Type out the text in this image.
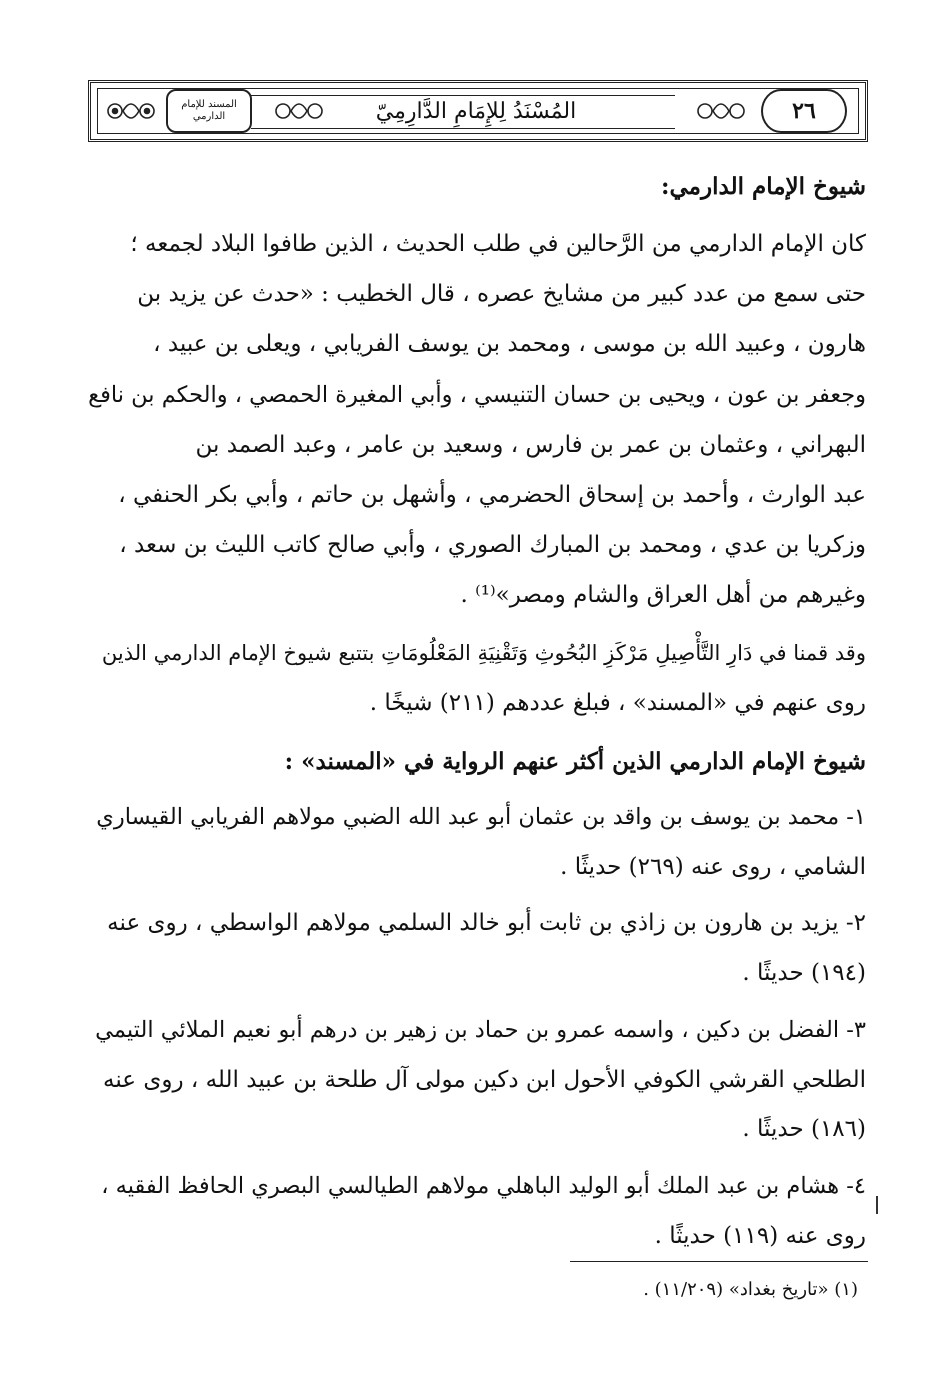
المسند للإمام الدارمي	المُسْنَدُ لِلإِمَامِ الدَّارِمِيّ	٢٦
شيوخ الإمام الدارمي:
كان الإمام الدارمي من الرَّحالين في طلب الحديث ، الذين طافوا البلاد لجمعه ؛
حتى سمع من عدد كبير من مشايخ عصره ، قال الخطيب : «حدث عن يزيد بن
هارون ، وعبيد الله بن موسى ، ومحمد بن يوسف الفريابي ، ويعلى بن عبيد ،
وجعفر بن عون ، ويحيى بن حسان التنيسي ، وأبي المغيرة الحمصي ، والحكم بن نافع
البهراني ، وعثمان بن عمر بن فارس ، وسعيد بن عامر ، وعبد الصمد بن
عبد الوارث ، وأحمد بن إسحاق الحضرمي ، وأشهل بن حاتم ، وأبي بكر الحنفي ،
وزكريا بن عدي ، ومحمد بن المبارك الصوري ، وأبي صالح كاتب الليث بن سعد ،
وغيرهم من أهل العراق والشام ومصر»⁽¹⁾ .
وقد قمنا في دَارِ التَّأْصِيلِ مَرْكَزِ البُحُوثِ وَتَقْنِيَةِ المَعْلُومَاتِ بتتبع شيوخ الإمام الدارمي الذين
روى عنهم في «المسند» ، فبلغ عددهم (٢١١) شيخًا .
شيوخ الإمام الدارمي الذين أكثر عنهم الرواية في «المسند» :
١- محمد بن يوسف بن واقد بن عثمان أبو عبد الله الضبي مولاهم الفريابي القيساري
الشامي ، روى عنه (٢٦٩) حديثًا .
٢- يزيد بن هارون بن زاذي بن ثابت أبو خالد السلمي مولاهم الواسطي ، روى عنه
(١٩٤) حديثًا .
٣- الفضل بن دكين ، واسمه عمرو بن حماد بن زهير بن درهم أبو نعيم الملائي التيمي
الطلحي القرشي الكوفي الأحول ابن دكين مولى آل طلحة بن عبيد الله ، روى عنه
(١٨٦) حديثًا .
٤- هشام بن عبد الملك أبو الوليد الباهلي مولاهم الطيالسي البصري الحافظ الفقيه ،
روى عنه (١١٩) حديثًا .
(١) «تاريخ بغداد» (١١/٢٠٩) .
